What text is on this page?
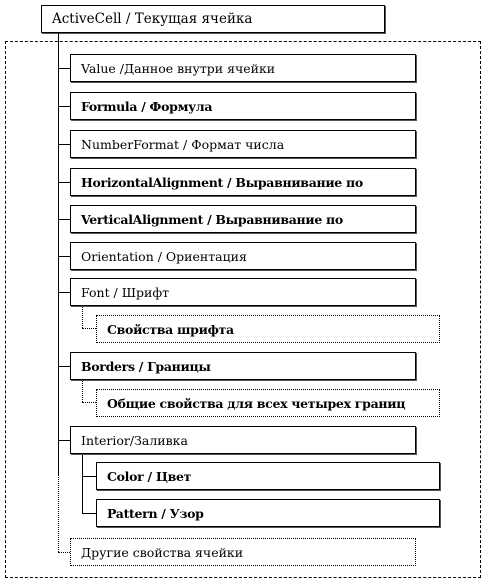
ActiveCell / Текущая ячейка
Value /Данное внутри ячейки
Formula / Формула
NumberFormat / Формат числа
HorizontalAlignment / Выравнивание по
VerticalAlignment / Выравнивание по
Orientation / Ориентация
Font / Шрифт
Свойства шрифта
Borders / Границы
Общие свойства для всех четырех границ
Interior/Заливка
Color / Цвет
Pattern / Узор
Другие свойства ячейки
